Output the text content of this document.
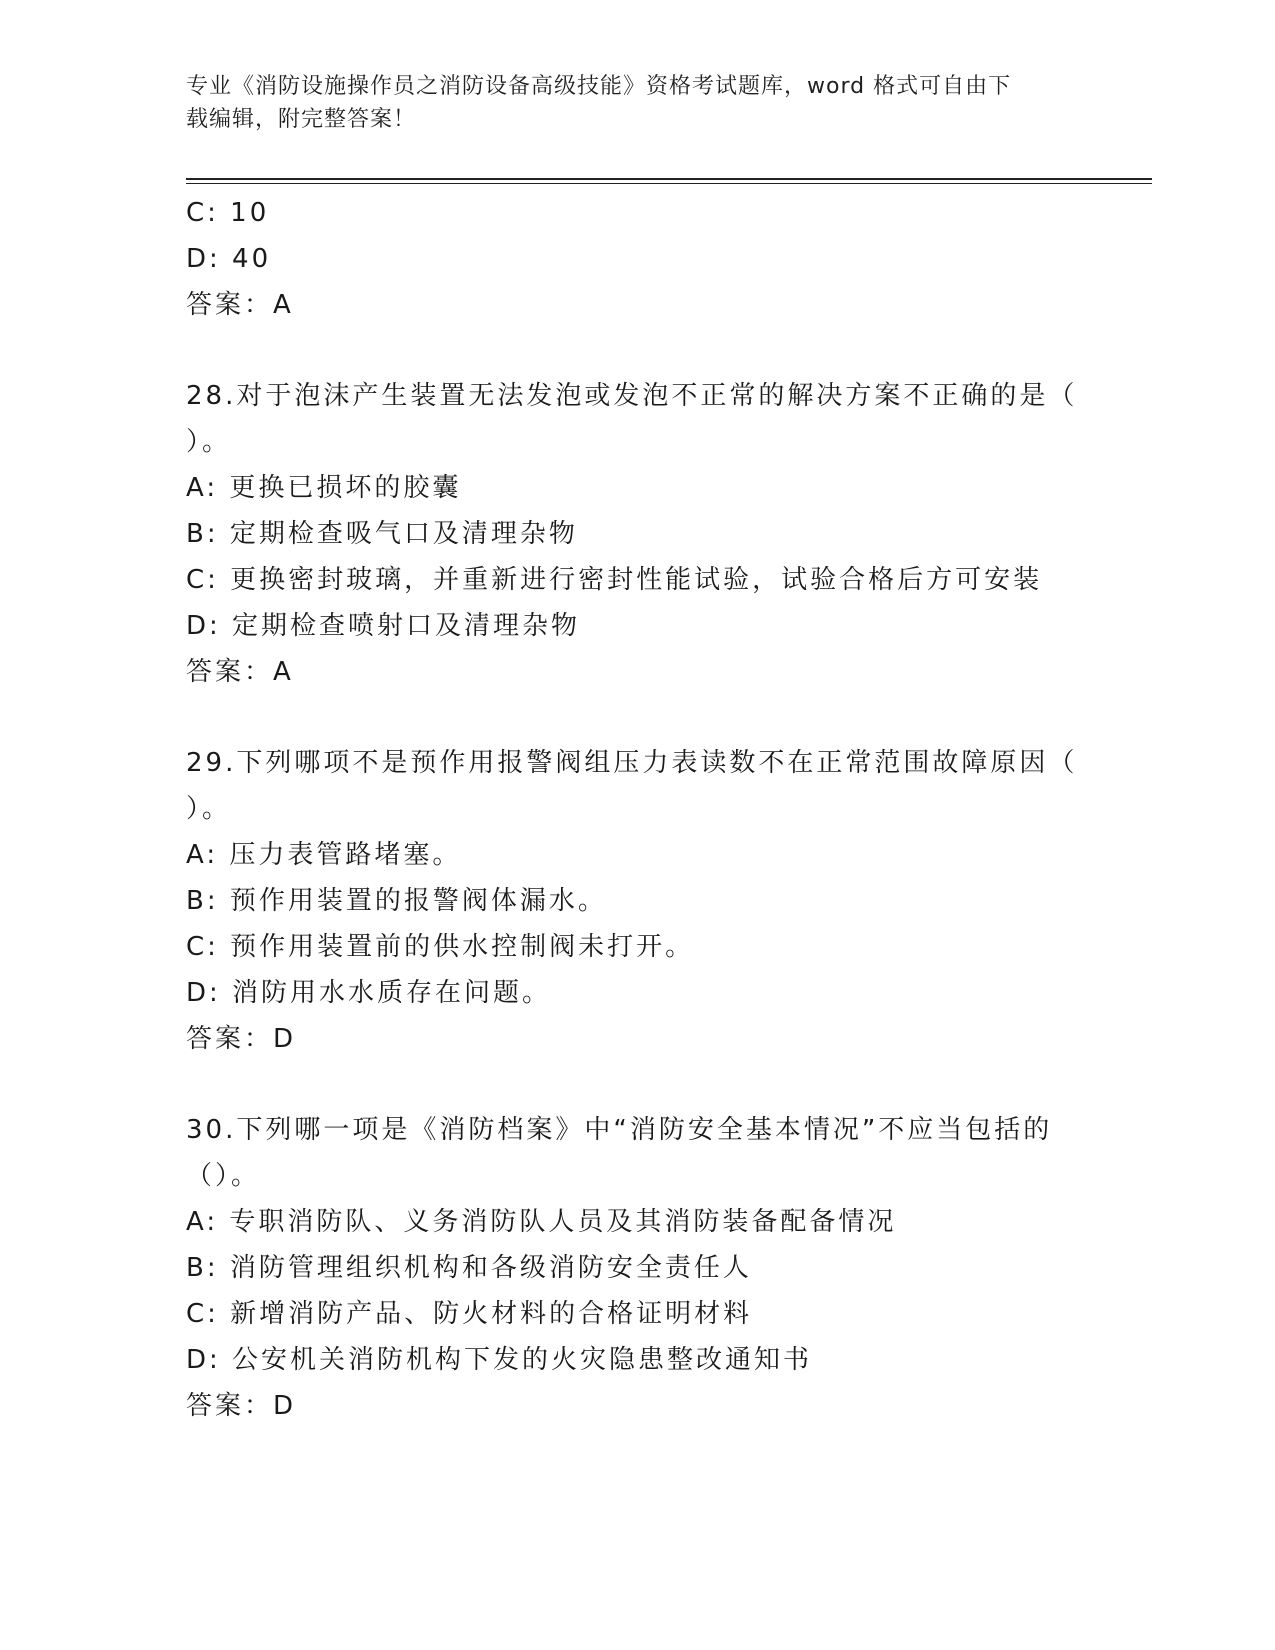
专业《消防设施操作员之消防设备高级技能》资格考试题库，word 格式可自由下
载编辑，附完整答案！
C: 10
D: 40
答案：A
28.对于泡沫产生装置无法发泡或发泡不正常的解决方案不正确的是（
）。
A: 更换已损坏的胶囊
B: 定期检查吸气口及清理杂物
C: 更换密封玻璃，并重新进行密封性能试验，试验合格后方可安装
D: 定期检查喷射口及清理杂物
答案：A
29.下列哪项不是预作用报警阀组压力表读数不在正常范围故障原因（
）。
A: 压力表管路堵塞。
B: 预作用装置的报警阀体漏水。
C: 预作用装置前的供水控制阀未打开。
D: 消防用水水质存在问题。
答案：D
30.下列哪一项是《消防档案》中“消防安全基本情况”不应当包括的
（）。
A: 专职消防队、义务消防队人员及其消防装备配备情况
B: 消防管理组织机构和各级消防安全责任人
C: 新增消防产品、防火材料的合格证明材料
D: 公安机关消防机构下发的火灾隐患整改通知书
答案：D
